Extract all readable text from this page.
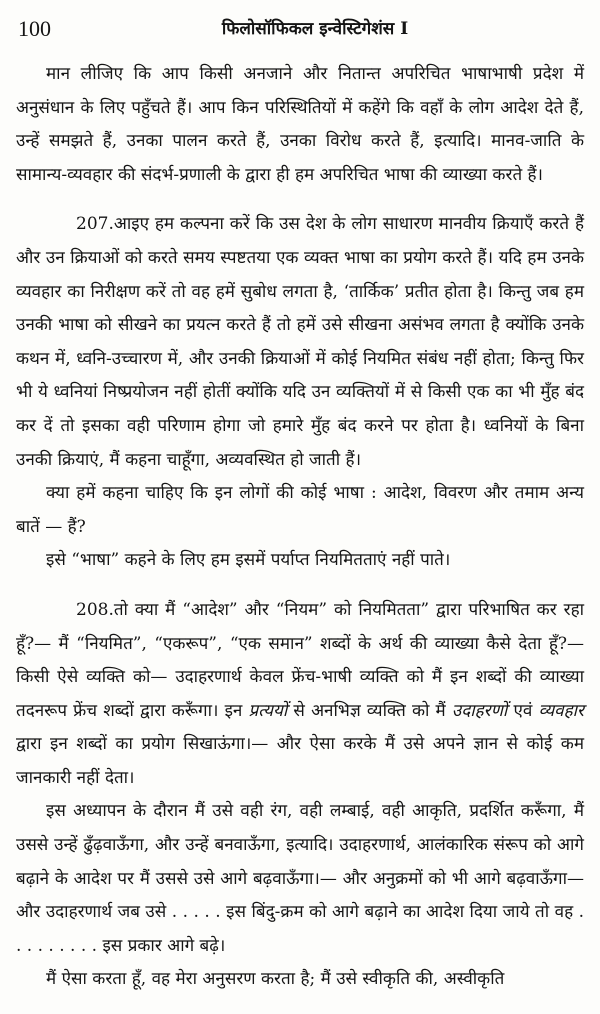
100	फिलोसॉफिकल इन्वेस्टिगेशंस I

मान लीजिए कि आप किसी अनजाने और नितान्त अपरिचित भाषाभाषी प्रदेश में अनुसंधान के लिए पहुँचते हैं। आप किन परिस्थितियों में कहेंगे कि वहाँ के लोग आदेश देते हैं, उन्हें समझते हैं, उनका पालन करते हैं, उनका विरोध करते हैं, इत्यादि। मानव-जाति के सामान्य-व्यवहार की संदर्भ-प्रणाली के द्वारा ही हम अपरिचित भाषा की व्याख्या करते हैं।

207.आइए हम कल्पना करें कि उस देश के लोग साधारण मानवीय क्रियाएँ करते हैं और उन क्रियाओं को करते समय स्पष्टतया एक व्यक्त भाषा का प्रयोग करते हैं। यदि हम उनके व्यवहार का निरीक्षण करें तो वह हमें सुबोध लगता है, ‘तार्किक’ प्रतीत होता है। किन्तु जब हम उनकी भाषा को सीखने का प्रयत्न करते हैं तो हमें उसे सीखना असंभव लगता है क्योंकि उनके कथन में, ध्वनि-उच्चारण में, और उनकी क्रियाओं में कोई नियमित संबंध नहीं होता; किन्तु फिर भी ये ध्वनियां निष्प्रयोजन नहीं होतीं क्योंकि यदि उन व्यक्तियों में से किसी एक का भी मुँह बंद कर दें तो इसका वही परिणाम होगा जो हमारे मुँह बंद करने पर होता है। ध्वनियों के बिना उनकी क्रियाएं, मैं कहना चाहूँगा, अव्यवस्थित हो जाती हैं।

क्या हमें कहना चाहिए कि इन लोगों की कोई भाषा : आदेश, विवरण और तमाम अन्य बातें — हैं?

इसे “भाषा” कहने के लिए हम इसमें पर्याप्त नियमितताएं नहीं पाते।

208.तो क्या मैं “आदेश” और “नियम” को नियमितता” द्वारा परिभाषित कर रहा हूँ?— मैं “नियमित”, “एकरूप”, “एक समान” शब्दों के अर्थ की व्याख्या कैसे देता हूँ?— किसी ऐसे व्यक्ति को— उदाहरणार्थ केवल फ्रेंच-भाषी व्यक्ति को मैं इन शब्दों की व्याख्या तदनरूप फ्रेंच शब्दों द्वारा करूँगा। इन प्रत्ययों से अनभिज्ञ व्यक्ति को मैं उदाहरणों एवं व्यवहार द्वारा इन शब्दों का प्रयोग सिखाऊंगा।— और ऐसा करके मैं उसे अपने ज्ञान से कोई कम जानकारी नहीं देता।

इस अध्यापन के दौरान मैं उसे वही रंग, वही लम्बाई, वही आकृति, प्रदर्शित करूँगा, मैं उससे उन्हें ढुँढ़वाऊँगा, और उन्हें बनवाऊँगा, इत्यादि। उदाहरणार्थ, आलंकारिक संरूप को आगे बढ़ाने के आदेश पर मैं उससे उसे आगे बढ़वाऊँगा।— और अनुक्रमों को भी आगे बढ़वाऊँगा— और उदाहरणार्थ जब उसे . . . . . इस बिंदु-क्रम को आगे बढ़ाने का आदेश दिया जाये तो वह . . . . . . . . . इस प्रकार आगे बढ़े।

मैं ऐसा करता हूँ, वह मेरा अनुसरण करता है; मैं उसे स्वीकृति की, अस्वीकृति
